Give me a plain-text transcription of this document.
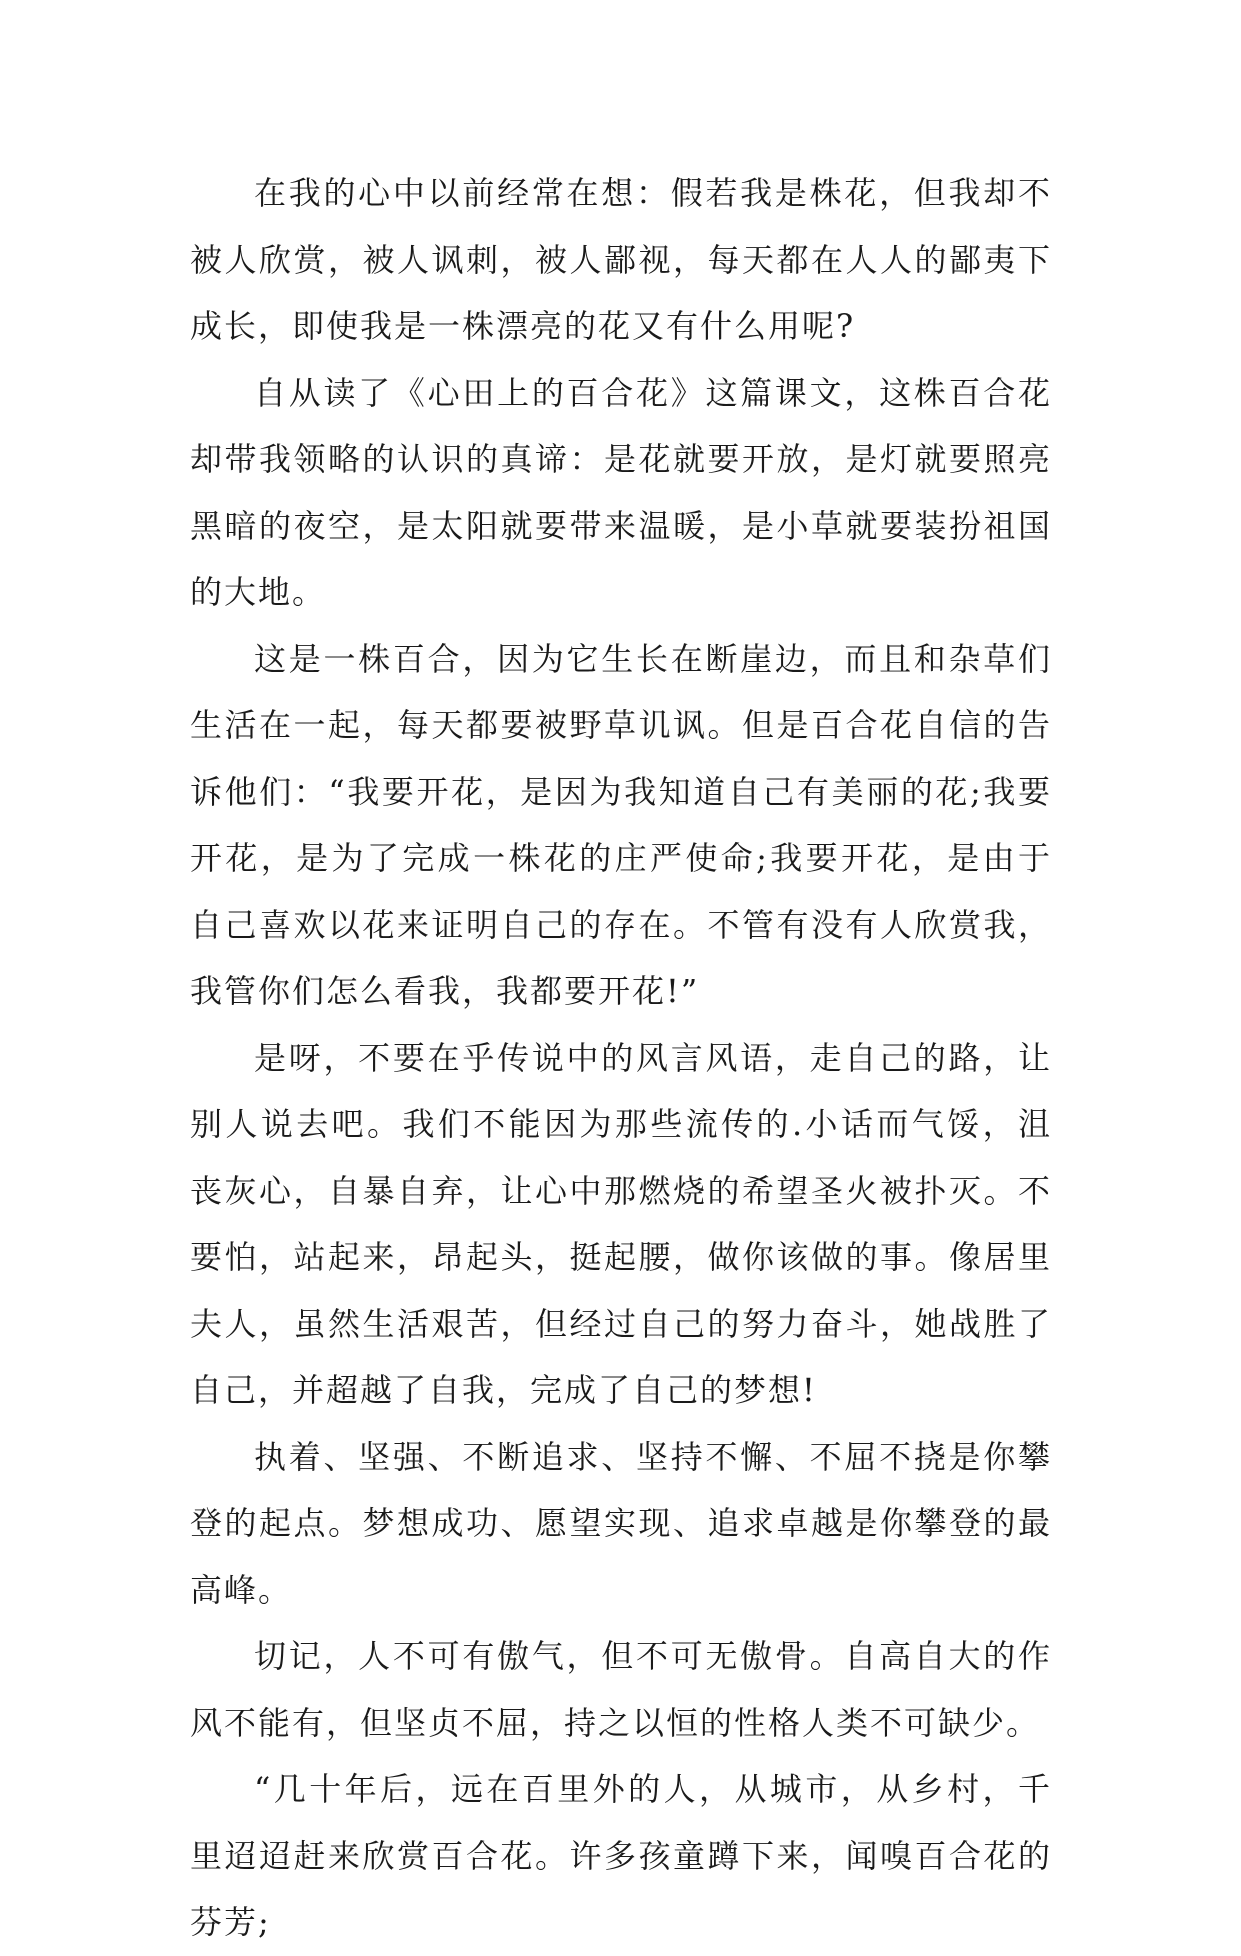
在我的心中以前经常在想：假若我是株花，但我却不被人欣赏，被人讽刺，被人鄙视，每天都在人人的鄙夷下成长，即使我是一株漂亮的花又有什么用呢?

自从读了《心田上的百合花》这篇课文，这株百合花却带我领略的认识的真谛：是花就要开放，是灯就要照亮黑暗的夜空，是太阳就要带来温暖，是小草就要装扮祖国的大地。

这是一株百合，因为它生长在断崖边，而且和杂草们生活在一起，每天都要被野草讥讽。但是百合花自信的告诉他们：“我要开花，是因为我知道自己有美丽的花;我要开花，是为了完成一株花的庄严使命;我要开花，是由于自己喜欢以花来证明自己的存在。不管有没有人欣赏我，我管你们怎么看我，我都要开花!”

是呀，不要在乎传说中的风言风语，走自己的路，让别人说去吧。我们不能因为那些流传的.小话而气馁，沮丧灰心，自暴自弃，让心中那燃烧的希望圣火被扑灭。不要怕，站起来，昂起头，挺起腰，做你该做的事。像居里夫人，虽然生活艰苦，但经过自己的努力奋斗，她战胜了自己，并超越了自我，完成了自己的梦想!

执着、坚强、不断追求、坚持不懈、不屈不挠是你攀登的起点。梦想成功、愿望实现、追求卓越是你攀登的最高峰。

切记，人不可有傲气，但不可无傲骨。自高自大的作风不能有，但坚贞不屈，持之以恒的性格人类不可缺少。

“几十年后，远在百里外的人，从城市，从乡村，千里迢迢赶来欣赏百合花。许多孩童蹲下来，闻嗅百合花的芬芳;
